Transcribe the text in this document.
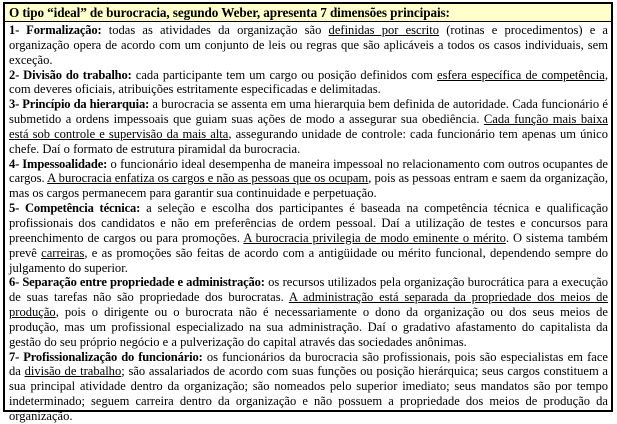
O tipo “ideal” de burocracia, segundo Weber, apresenta 7 dimensões principais:

1- Formalização: todas as atividades da organização são definidas por escrito (rotinas e procedimentos) e a organização opera de acordo com um conjunto de leis ou regras que são aplicáveis a todos os casos individuais, sem exceção.

2- Divisão do trabalho: cada participante tem um cargo ou posição definidos com esfera específica de competência, com deveres oficiais, atribuições estritamente especificadas e delimitadas.

3- Princípio da hierarquia: a burocracia se assenta em uma hierarquia bem definida de autoridade. Cada funcionário é submetido a ordens impessoais que guiam suas ações de modo a assegurar sua obediência. Cada função mais baixa está sob controle e supervisão da mais alta, assegurando unidade de controle: cada funcionário tem apenas um único chefe. Daí o formato de estrutura piramidal da burocracia.

4- Impessoalidade: o funcionário ideal desempenha de maneira impessoal no relacionamento com outros ocupantes de cargos. A burocracia enfatiza os cargos e não as pessoas que os ocupam, pois as pessoas entram e saem da organização, mas os cargos permanecem para garantir sua continuidade e perpetuação.

5- Competência técnica: a seleção e escolha dos participantes é baseada na competência técnica e qualificação profissionais dos candidatos e não em preferências de ordem pessoal. Daí a utilização de testes e concursos para preenchimento de cargos ou para promoções. A burocracia privilegia de modo eminente o mérito. O sistema também prevê carreiras, e as promoções são feitas de acordo com a antigüidade ou mérito funcional, dependendo sempre do julgamento do superior.

6- Separação entre propriedade e administração: os recursos utilizados pela organização burocrática para a execução de suas tarefas não são propriedade dos burocratas. A administração está separada da propriedade dos meios de produção, pois o dirigente ou o burocrata não é necessariamente o dono da organização ou dos seus meios de produção, mas um profissional especializado na sua administração. Daí o gradativo afastamento do capitalista da gestão do seu próprio negócio e a pulverização do capital através das sociedades anônimas.

7- Profissionalização do funcionário: os funcionários da burocracia são profissionais, pois são especialistas em face da divisão de trabalho; são assalariados de acordo com suas funções ou posição hierárquica; seus cargos constituem a sua principal atividade dentro da organização; são nomeados pelo superior imediato; seus mandatos são por tempo indeterminado; seguem carreira dentro da organização e não possuem a propriedade dos meios de produção da organização.
